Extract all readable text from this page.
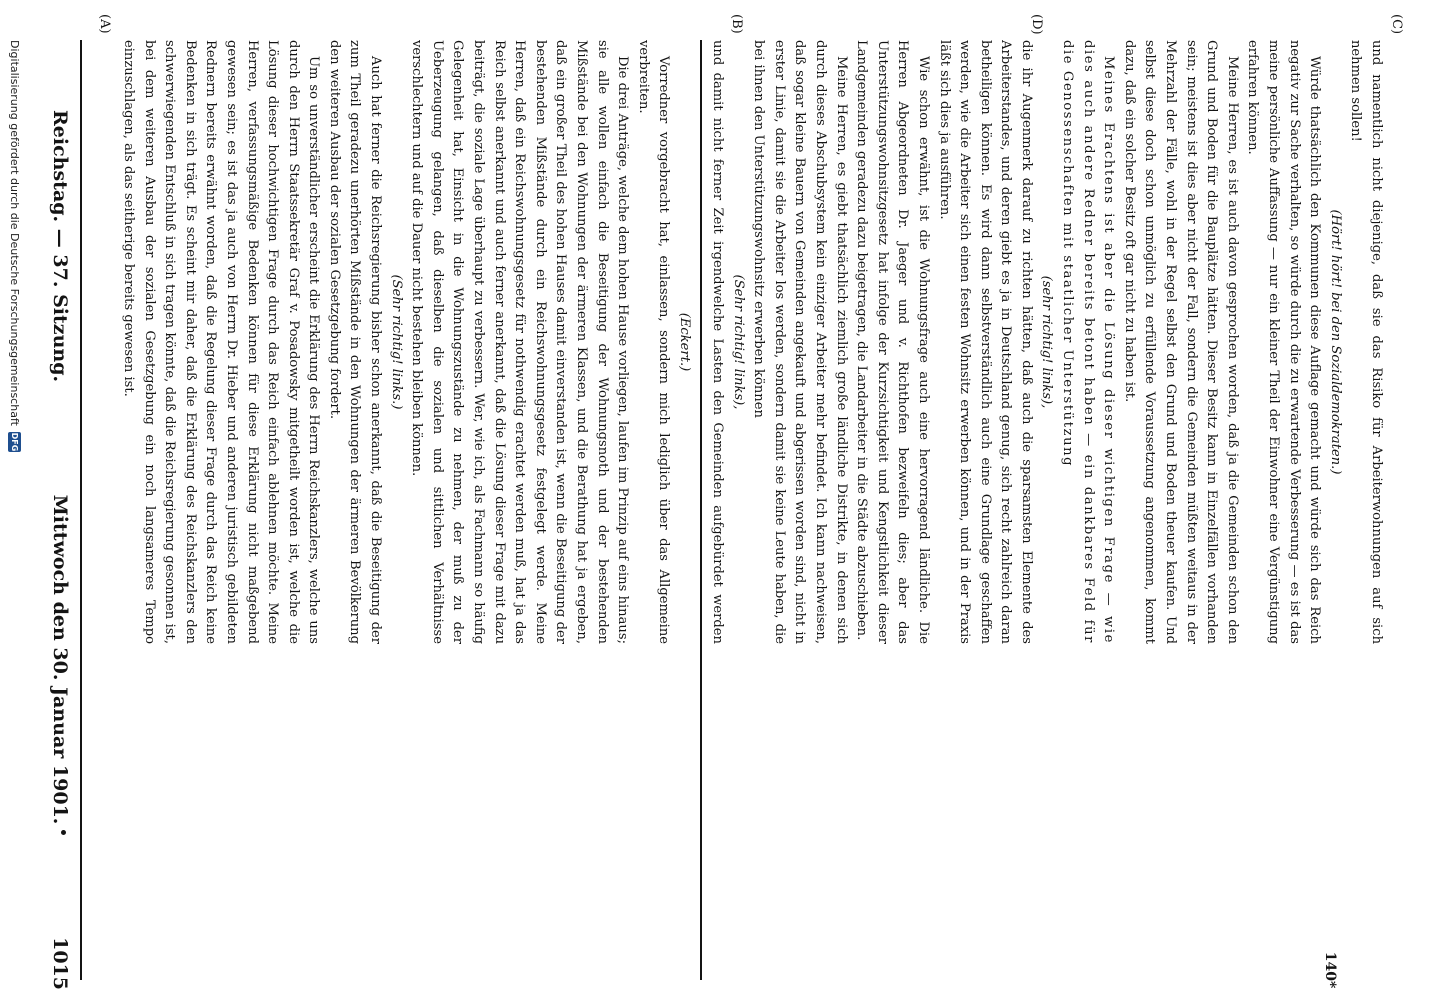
Reichstag. — 37. Sitzung.
Mittwoch den 30. Januar 1901.
1015
(A)	(B)	(C)
(D)

(Eckert.)

Vorredner vorgebracht hat, einlassen, sondern mich lediglich über das Allgemeine verbreiten.

Die drei Anträge, welche dem hohen Hause vorliegen, laufen im Prinzip auf eins hinaus; sie alle wollen einfach die Beseitigung der Wohnungsnoth und der bestehenden Mißstände bei den Wohnungen der ärmeren Klassen, und die Berathung hat ja ergeben, daß ein großer Theil des hohen Hauses damit einverstanden ist, wenn die Beseitigung der bestehenden Mißstände durch ein Reichswohnungsgesetz festgelegt werde. Meine Herren, daß ein Reichswohnungsgesetz für nothwendig erachtet werden muß, hat ja das Reich selbst anerkannt und auch ferner anerkannt, daß die Lösung dieser Frage mit dazu beiträgt, die soziale Lage überhaupt zu verbessern. Wer, wie ich, als Fachmann so häufig Gelegenheit hat, Einsicht in die Wohnungszustände zu nehmen, der muß zu der Ueberzeugung gelangen, daß dieselben die sozialen und sittlichen Verhältnisse verschlechtern und auf die Dauer nicht bestehen bleiben können.

(Sehr richtig! links.)

Auch hat ferner die Reichsregierung bisher schon anerkannt, daß die Beseitigung der zum Theil geradezu unerhörten Mißstände in den Wohnungen der ärmeren Bevölkerung den weiteren Ausbau der sozialen Gesetzgebung fordert.

Um so unverständlicher erscheint die Erklärung des Herrn Reichskanzlers, welche uns durch den Herrn Staatssekretär Graf v. Posadowsky mitgetheilt worden ist, welche die Lösung dieser hochwichtigen Frage durch das Reich einfach ablehnen möchte. Meine Herren, verfassungsmäßige Bedenken können für diese Erklärung nicht maßgebend gewesen sein; es ist das ja auch von Herrn Dr. Hieber und anderen juristisch gebildeten Rednern bereits erwähnt worden, daß die Regelung dieser Frage durch das Reich keine Bedenken in sich trägt. Es scheint mir daher, daß die Erklärung des Reichskanzlers den schwerwiegenden Entschluß in sich tragen könnte, daß die Reichsregierung gesonnen ist, bei dem weiteren Ausbau der sozialen Gesetzgebung ein noch langsameres Tempo einzuschlagen, als das seitherige bereits gewesen ist.	und namentlich nicht diejenige, daß sie das Risiko für Arbeiterwohnungen auf sich nehmen sollen!

(Hört! hört! bei den Sozialdemokraten.)

Würde thatsächlich den Kommunen diese Auflage gemacht und würde sich das Reich negativ zur Sache verhalten, so würde durch die zu erwartende Verbesserung — es ist das meine persönliche Auffassung — nur ein kleiner Theil der Einwohner eine Vergünstigung erfahren können.

Meine Herren, es ist auch davon gesprochen worden, daß ja die Gemeinden schon den Grund und Boden für die Bauplätze hätten. Dieser Besitz kann in Einzelfällen vorhanden sein; meistens ist dies aber nicht der Fall, sondern die Gemeinden müßten weitaus in der Mehrzahl der Fälle, wohl in der Regel selbst den Grund und Boden theuer kaufen. Und selbst diese doch schon unmöglich zu erfüllende Voraussetzung angenommen, kommt dazu, daß ein solcher Besitz oft gar nicht zu haben ist.

Meines Erachtens ist aber die Lösung dieser wichtigen Frage — wie dies auch andere Redner bereits betont haben — ein dankbares Feld für die Genossenschaften mit staatlicher Unterstützung

(sehr richtig! links),

die ihr Augenmerk darauf zu richten hätten, daß auch die sparsamsten Elemente des Arbeiterstandes, und deren giebt es ja in Deutschland genug, sich recht zahlreich daran betheiligen können. Es wird dann selbstverständlich auch eine Grundlage geschaffen werden, wie die Arbeiter sich einen festen Wohnsitz erwerben können, und in der Praxis läßt sich dies ja ausführen.

Wie schon erwähnt, ist die Wohnungsfrage auch eine hervorragend ländliche. Die Herren Abgeordneten Dr. Jaeger und v. Richthofen bezweifeln dies; aber das Unterstützungswohnsitzgesetz hat infolge der Kurzsichtigkeit und Kengstlichkeit dieser Landgemeinden geradezu dazu beigetragen, die Landarbeiter in die Städte abzuschieben.

Meine Herren, es giebt thatsächlich ziemlich große ländliche Distrikte, in denen sich durch dieses Abschubsystem kein einziger Arbeiter mehr befindet. Ich kann nachweisen, daß sogar kleine Bauern von Gemeinden angekauft und abgerissen worden sind, nicht in erster Linie, damit sie die Arbeiter los werden, sondern damit sie keine Leute haben, die bei ihnen den Unterstützungswohnsitz erwerben können

(Sehr richtig! links),

und damit nicht ferner Zeit irgendwelche Lasten den Gemeinden aufgebürdet werden

140*
Digitalisierung gefördert durch die Deutsche Forschungsgemeinschaft
DFG
